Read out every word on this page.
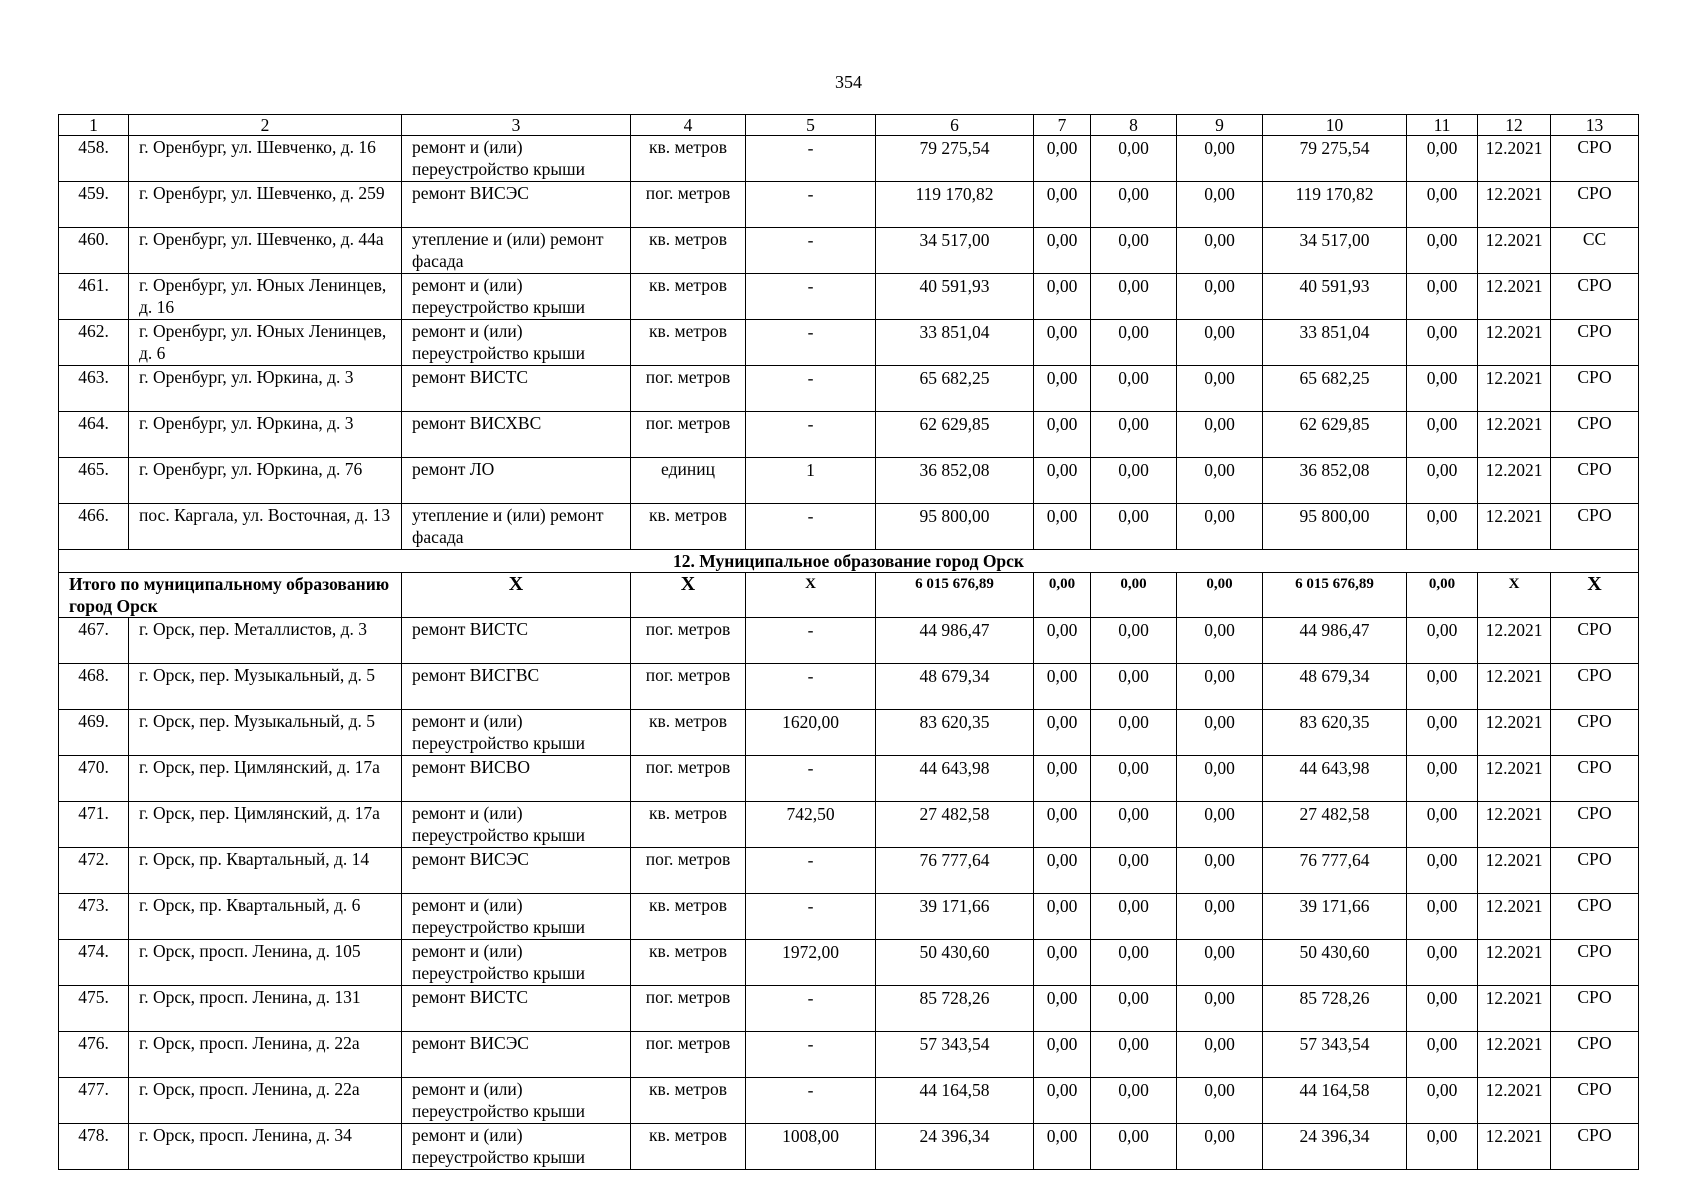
354
1	2	3	4	5	6	7	8	9	10	11	12	13
458.	г. Оренбург, ул. Шевченко, д. 16	ремонт и (или) переустройство крыши	кв. метров	-	79 275,54	0,00	0,00	0,00	79 275,54	0,00	12.2021	СРО
459.	г. Оренбург, ул. Шевченко, д. 259	ремонт ВИСЭС	пог. метров	-	119 170,82	0,00	0,00	0,00	119 170,82	0,00	12.2021	СРО
460.	г. Оренбург, ул. Шевченко, д. 44а	утепление и (или) ремонт фасада	кв. метров	-	34 517,00	0,00	0,00	0,00	34 517,00	0,00	12.2021	СС
461.	г. Оренбург, ул. Юных Ленинцев, д. 16	ремонт и (или) переустройство крыши	кв. метров	-	40 591,93	0,00	0,00	0,00	40 591,93	0,00	12.2021	СРО
462.	г. Оренбург, ул. Юных Ленинцев, д. 6	ремонт и (или) переустройство крыши	кв. метров	-	33 851,04	0,00	0,00	0,00	33 851,04	0,00	12.2021	СРО
463.	г. Оренбург, ул. Юркина, д. 3	ремонт ВИСТС	пог. метров	-	65 682,25	0,00	0,00	0,00	65 682,25	0,00	12.2021	СРО
464.	г. Оренбург, ул. Юркина, д. 3	ремонт ВИСХВС	пог. метров	-	62 629,85	0,00	0,00	0,00	62 629,85	0,00	12.2021	СРО
465.	г. Оренбург, ул. Юркина, д. 76	ремонт ЛО	единиц	1	36 852,08	0,00	0,00	0,00	36 852,08	0,00	12.2021	СРО
466.	пос. Каргала, ул. Восточная, д. 13	утепление и (или) ремонт фасада	кв. метров	-	95 800,00	0,00	0,00	0,00	95 800,00	0,00	12.2021	СРО
12. Муниципальное образование город Орск												
Итого по муниципальному образованию город Орск		X	X	X	6 015 676,89	0,00	0,00	0,00	6 015 676,89	0,00	X	X
467.	г. Орск, пер. Металлистов, д. 3	ремонт ВИСТС	пог. метров	-	44 986,47	0,00	0,00	0,00	44 986,47	0,00	12.2021	СРО
468.	г. Орск, пер. Музыкальный, д. 5	ремонт ВИСГВС	пог. метров	-	48 679,34	0,00	0,00	0,00	48 679,34	0,00	12.2021	СРО
469.	г. Орск, пер. Музыкальный, д. 5	ремонт и (или) переустройство крыши	кв. метров	1620,00	83 620,35	0,00	0,00	0,00	83 620,35	0,00	12.2021	СРО
470.	г. Орск, пер. Цимлянский, д. 17а	ремонт ВИСВО	пог. метров	-	44 643,98	0,00	0,00	0,00	44 643,98	0,00	12.2021	СРО
471.	г. Орск, пер. Цимлянский, д. 17а	ремонт и (или) переустройство крыши	кв. метров	742,50	27 482,58	0,00	0,00	0,00	27 482,58	0,00	12.2021	СРО
472.	г. Орск, пр. Квартальный, д. 14	ремонт ВИСЭС	пог. метров	-	76 777,64	0,00	0,00	0,00	76 777,64	0,00	12.2021	СРО
473.	г. Орск, пр. Квартальный, д. 6	ремонт и (или) переустройство крыши	кв. метров	-	39 171,66	0,00	0,00	0,00	39 171,66	0,00	12.2021	СРО
474.	г. Орск, просп. Ленина, д. 105	ремонт и (или) переустройство крыши	кв. метров	1972,00	50 430,60	0,00	0,00	0,00	50 430,60	0,00	12.2021	СРО
475.	г. Орск, просп. Ленина, д. 131	ремонт ВИСТС	пог. метров	-	85 728,26	0,00	0,00	0,00	85 728,26	0,00	12.2021	СРО
476.	г. Орск, просп. Ленина, д. 22а	ремонт ВИСЭС	пог. метров	-	57 343,54	0,00	0,00	0,00	57 343,54	0,00	12.2021	СРО
477.	г. Орск, просп. Ленина, д. 22а	ремонт и (или) переустройство крыши	кв. метров	-	44 164,58	0,00	0,00	0,00	44 164,58	0,00	12.2021	СРО
478.	г. Орск, просп. Ленина, д. 34	ремонт и (или) переустройство крыши	кв. метров	1008,00	24 396,34	0,00	0,00	0,00	24 396,34	0,00	12.2021	СРО
